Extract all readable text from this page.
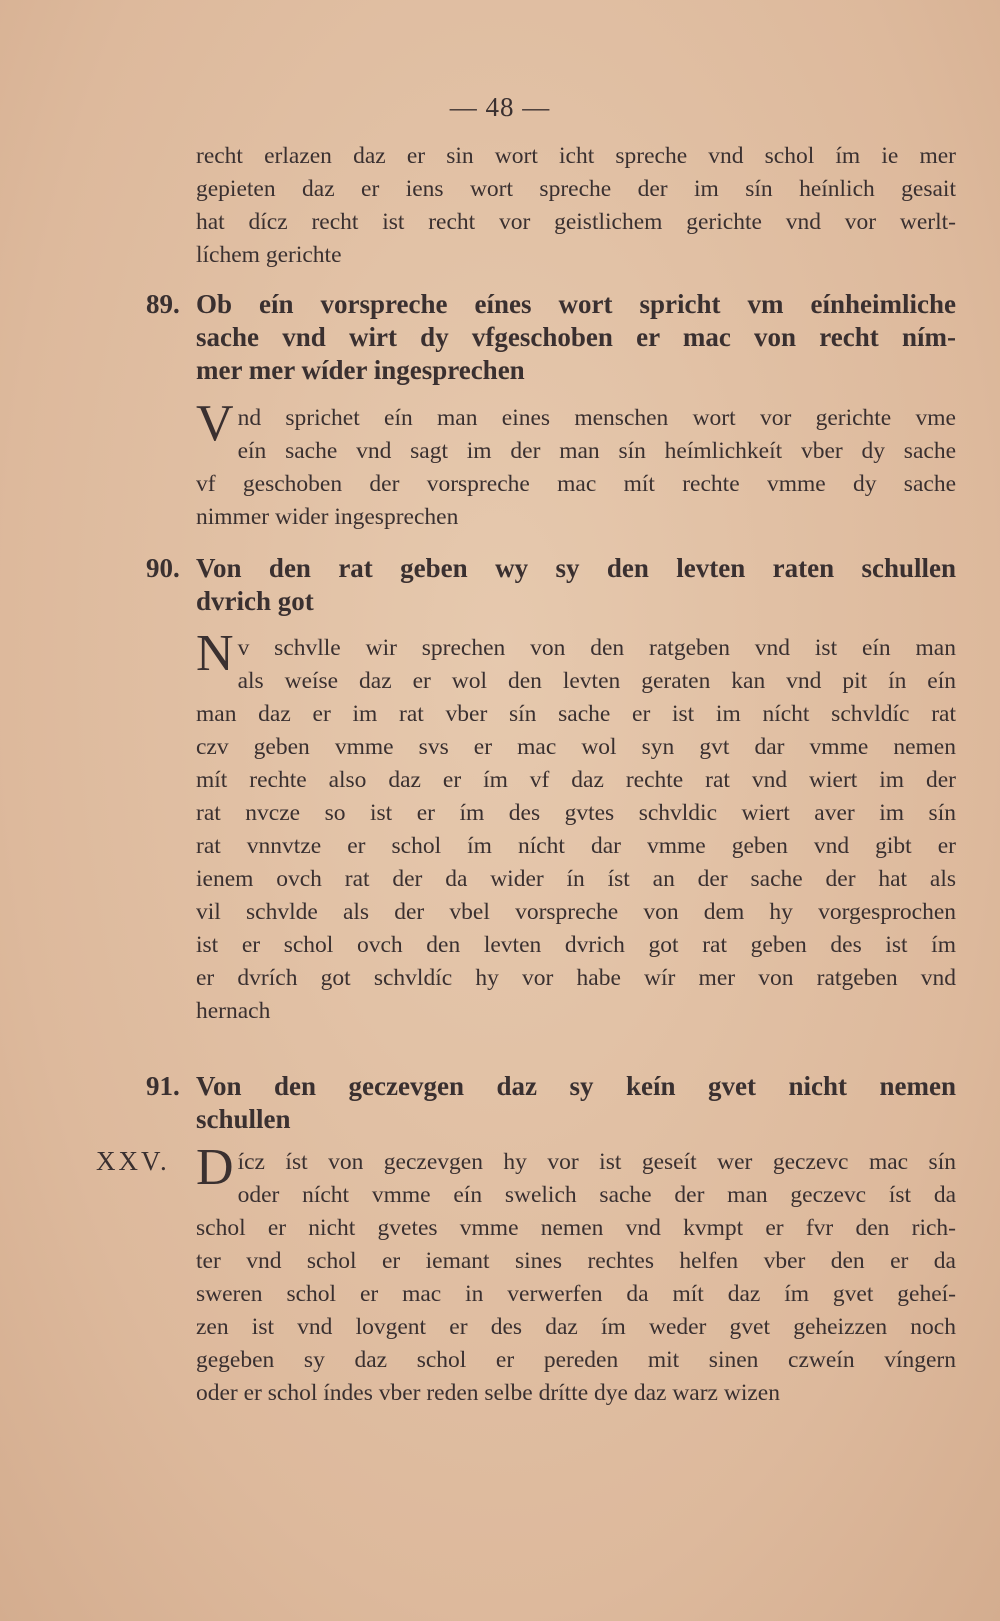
— 48 —
recht erlazen daz er sin wort icht spreche vnd schol ím ie mer
gepieten daz er iens wort spreche der im sín heínlich gesait
hat dícz recht ist recht vor geistlichem gerichte vnd vor werlt-
líchem gerichte
89. Ob eín vorspreche eínes wort spricht vm eínheimliche
sache vnd wirt dy vfgeschoben er mac von recht ním-
mer mer wíder ingesprechen
V nd sprichet eín man eines menschen wort vor gerichte vme
eín sache vnd sagt im der man sín heímlichkeít vber dy sache
vf geschoben der vorspreche mac mít rechte vmme dy sache
nimmer wider ingesprechen
90. Von den rat geben wy sy den levten raten schullen
dvrich got
N v schvlle wir sprechen von den ratgeben vnd ist eín man
als weíse daz er wol den levten geraten kan vnd pit ín eín
man daz er im rat vber sín sache er ist im nícht schvldíc rat
czv geben vmme svs er mac wol syn gvt dar vmme nemen
mít rechte also daz er ím vf daz rechte rat vnd wiert im der
rat nvcze so ist er ím des gvtes schvldic wiert aver im sín
rat vnnvtze er schol ím nícht dar vmme geben vnd gibt er
ienem ovch rat der da wider ín íst an der sache der hat als
vil schvlde als der vbel vorspreche von dem hy vorgesprochen
ist er schol ovch den levten dvrich got rat geben des ist ím
er dvrích got schvldíc hy vor habe wír mer von ratgeben vnd
hernach
91. Von den geczevgen daz sy keín gvet nicht nemen
schullen
XXV. D ícz íst von geczevgen hy vor ist geseít wer geczevc mac sín
oder nícht vmme eín swelich sache der man geczevc íst da
schol er nicht gvetes vmme nemen vnd kvmpt er fvr den rich-
ter vnd schol er iemant sines rechtes helfen vber den er da
sweren schol er mac in verwerfen da mít daz ím gvet geheí-
zen ist vnd lovgent er des daz ím weder gvet geheizzen noch
gegeben sy daz schol er pereden mit sinen czweín víngern
oder er schol índes vber reden selbe drítte dye daz warz wizen
